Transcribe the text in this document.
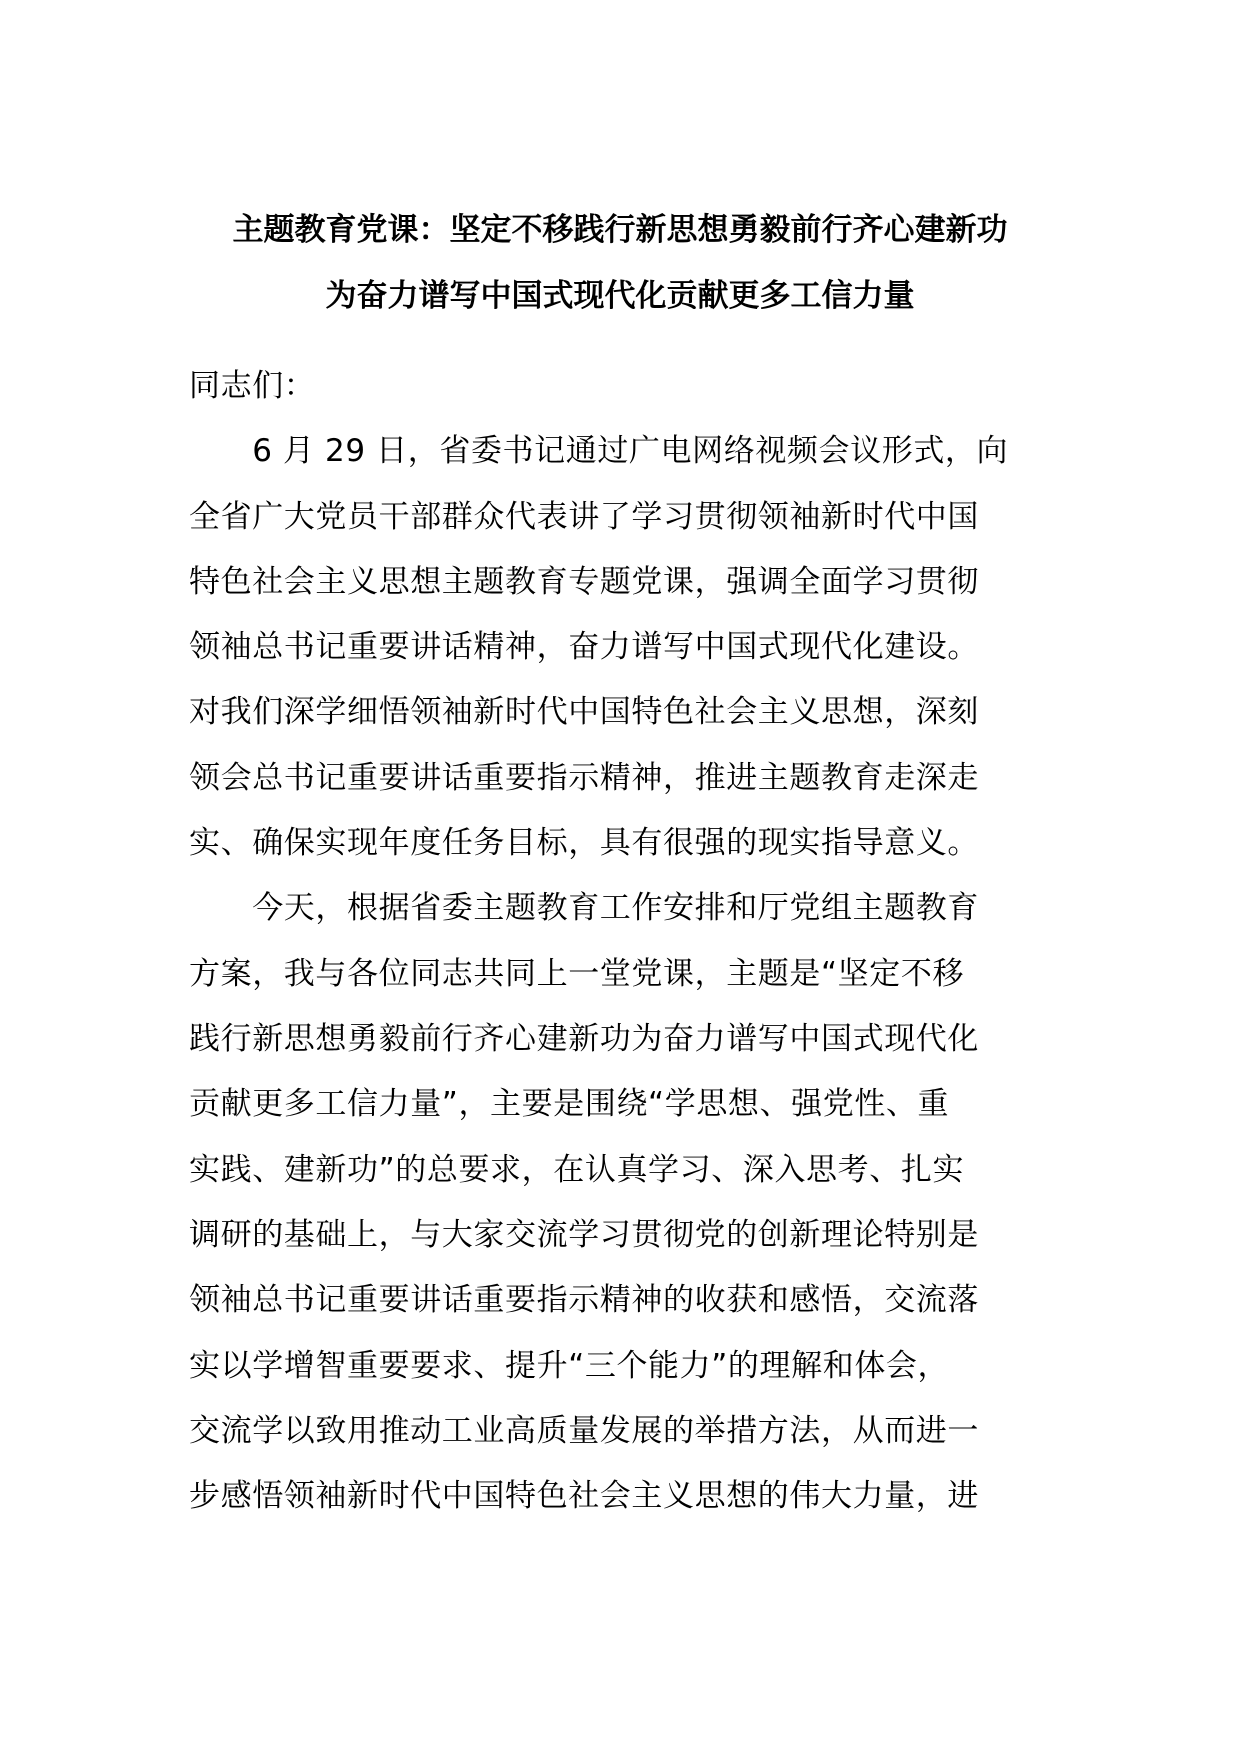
主题教育党课：坚定不移践行新思想勇毅前行齐心建新功
为奋力谱写中国式现代化贡献更多工信力量
同志们：
　　6 月 29 日，省委书记通过广电网络视频会议形式，向
全省广大党员干部群众代表讲了学习贯彻领袖新时代中国
特色社会主义思想主题教育专题党课，强调全面学习贯彻
领袖总书记重要讲话精神，奋力谱写中国式现代化建设。
对我们深学细悟领袖新时代中国特色社会主义思想，深刻
领会总书记重要讲话重要指示精神，推进主题教育走深走
实、确保实现年度任务目标，具有很强的现实指导意义。
　　今天，根据省委主题教育工作安排和厅党组主题教育
方案，我与各位同志共同上一堂党课，主题是“坚定不移
践行新思想勇毅前行齐心建新功为奋力谱写中国式现代化
贡献更多工信力量”，主要是围绕“学思想、强党性、重
实践、建新功”的总要求，在认真学习、深入思考、扎实
调研的基础上，与大家交流学习贯彻党的创新理论特别是
领袖总书记重要讲话重要指示精神的收获和感悟，交流落
实以学增智重要要求、提升“三个能力”的理解和体会，
交流学以致用推动工业高质量发展的举措方法，从而进一
步感悟领袖新时代中国特色社会主义思想的伟大力量，进
